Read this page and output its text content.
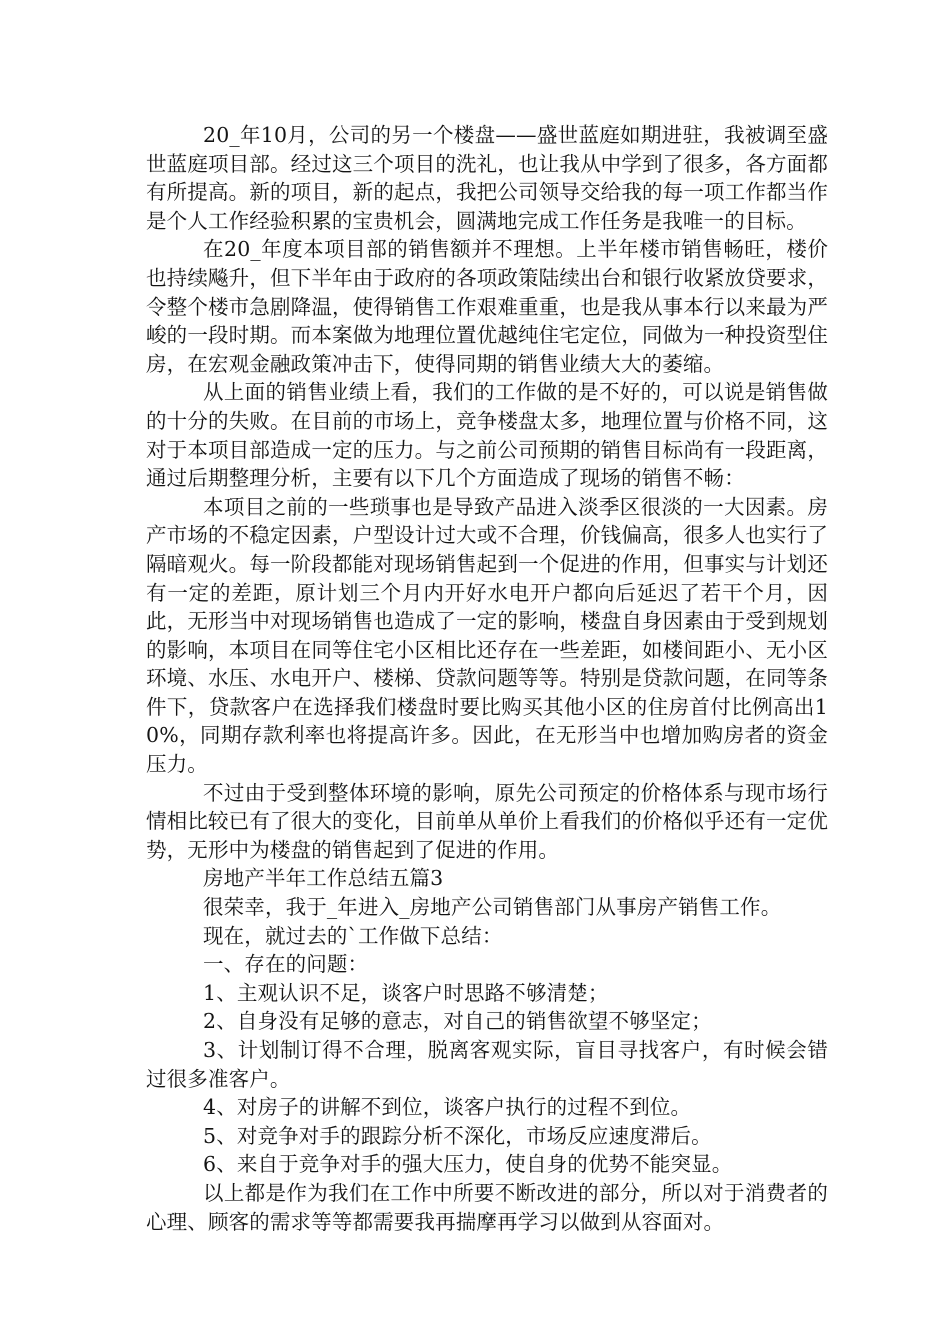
20_年10月，公司的另一个楼盘——盛世蓝庭如期进驻，我被调至盛世蓝庭项目部。经过这三个项目的洗礼，也让我从中学到了很多，各方面都有所提高。新的项目，新的起点，我把公司领导交给我的每一项工作都当作是个人工作经验积累的宝贵机会，圆满地完成工作任务是我唯一的目标。

在20_年度本项目部的销售额并不理想。上半年楼市销售畅旺，楼价也持续飚升，但下半年由于政府的各项政策陆续出台和银行收紧放贷要求，令整个楼市急剧降温，使得销售工作艰难重重，也是我从事本行以来最为严峻的一段时期。而本案做为地理位置优越纯住宅定位，同做为一种投资型住房，在宏观金融政策冲击下，使得同期的销售业绩大大的萎缩。

从上面的销售业绩上看，我们的工作做的是不好的，可以说是销售做的十分的失败。在目前的市场上，竞争楼盘太多，地理位置与价格不同，这对于本项目部造成一定的压力。与之前公司预期的销售目标尚有一段距离，通过后期整理分析，主要有以下几个方面造成了现场的销售不畅：

本项目之前的一些琐事也是导致产品进入淡季区很淡的一大因素。房产市场的不稳定因素，户型设计过大或不合理，价钱偏高，很多人也实行了隔暗观火。每一阶段都能对现场销售起到一个促进的作用，但事实与计划还有一定的差距，原计划三个月内开好水电开户都向后延迟了若干个月，因此，无形当中对现场销售也造成了一定的影响，楼盘自身因素由于受到规划的影响，本项目在同等住宅小区相比还存在一些差距，如楼间距小、无小区环境、水压、水电开户、楼梯、贷款问题等等。特别是贷款问题，在同等条件下，贷款客户在选择我们楼盘时要比购买其他小区的住房首付比例高出10%，同期存款利率也将提高许多。因此，在无形当中也增加购房者的资金压力。

不过由于受到整体环境的影响，原先公司预定的价格体系与现市场行情相比较已有了很大的变化，目前单从单价上看我们的价格似乎还有一定优势，无形中为楼盘的销售起到了促进的作用。

房地产半年工作总结五篇3

很荣幸，我于_年进入_房地产公司销售部门从事房产销售工作。

现在，就过去的`工作做下总结：

一、存在的问题：

1、主观认识不足，谈客户时思路不够清楚；

2、自身没有足够的意志，对自己的销售欲望不够坚定；

3、计划制订得不合理，脱离客观实际，盲目寻找客户，有时候会错过很多准客户。

4、对房子的讲解不到位，谈客户执行的过程不到位。

5、对竞争对手的跟踪分析不深化，市场反应速度滞后。

6、来自于竞争对手的强大压力，使自身的优势不能突显。

以上都是作为我们在工作中所要不断改进的部分，所以对于消费者的心理、顾客的需求等等都需要我再揣摩再学习以做到从容面对。
